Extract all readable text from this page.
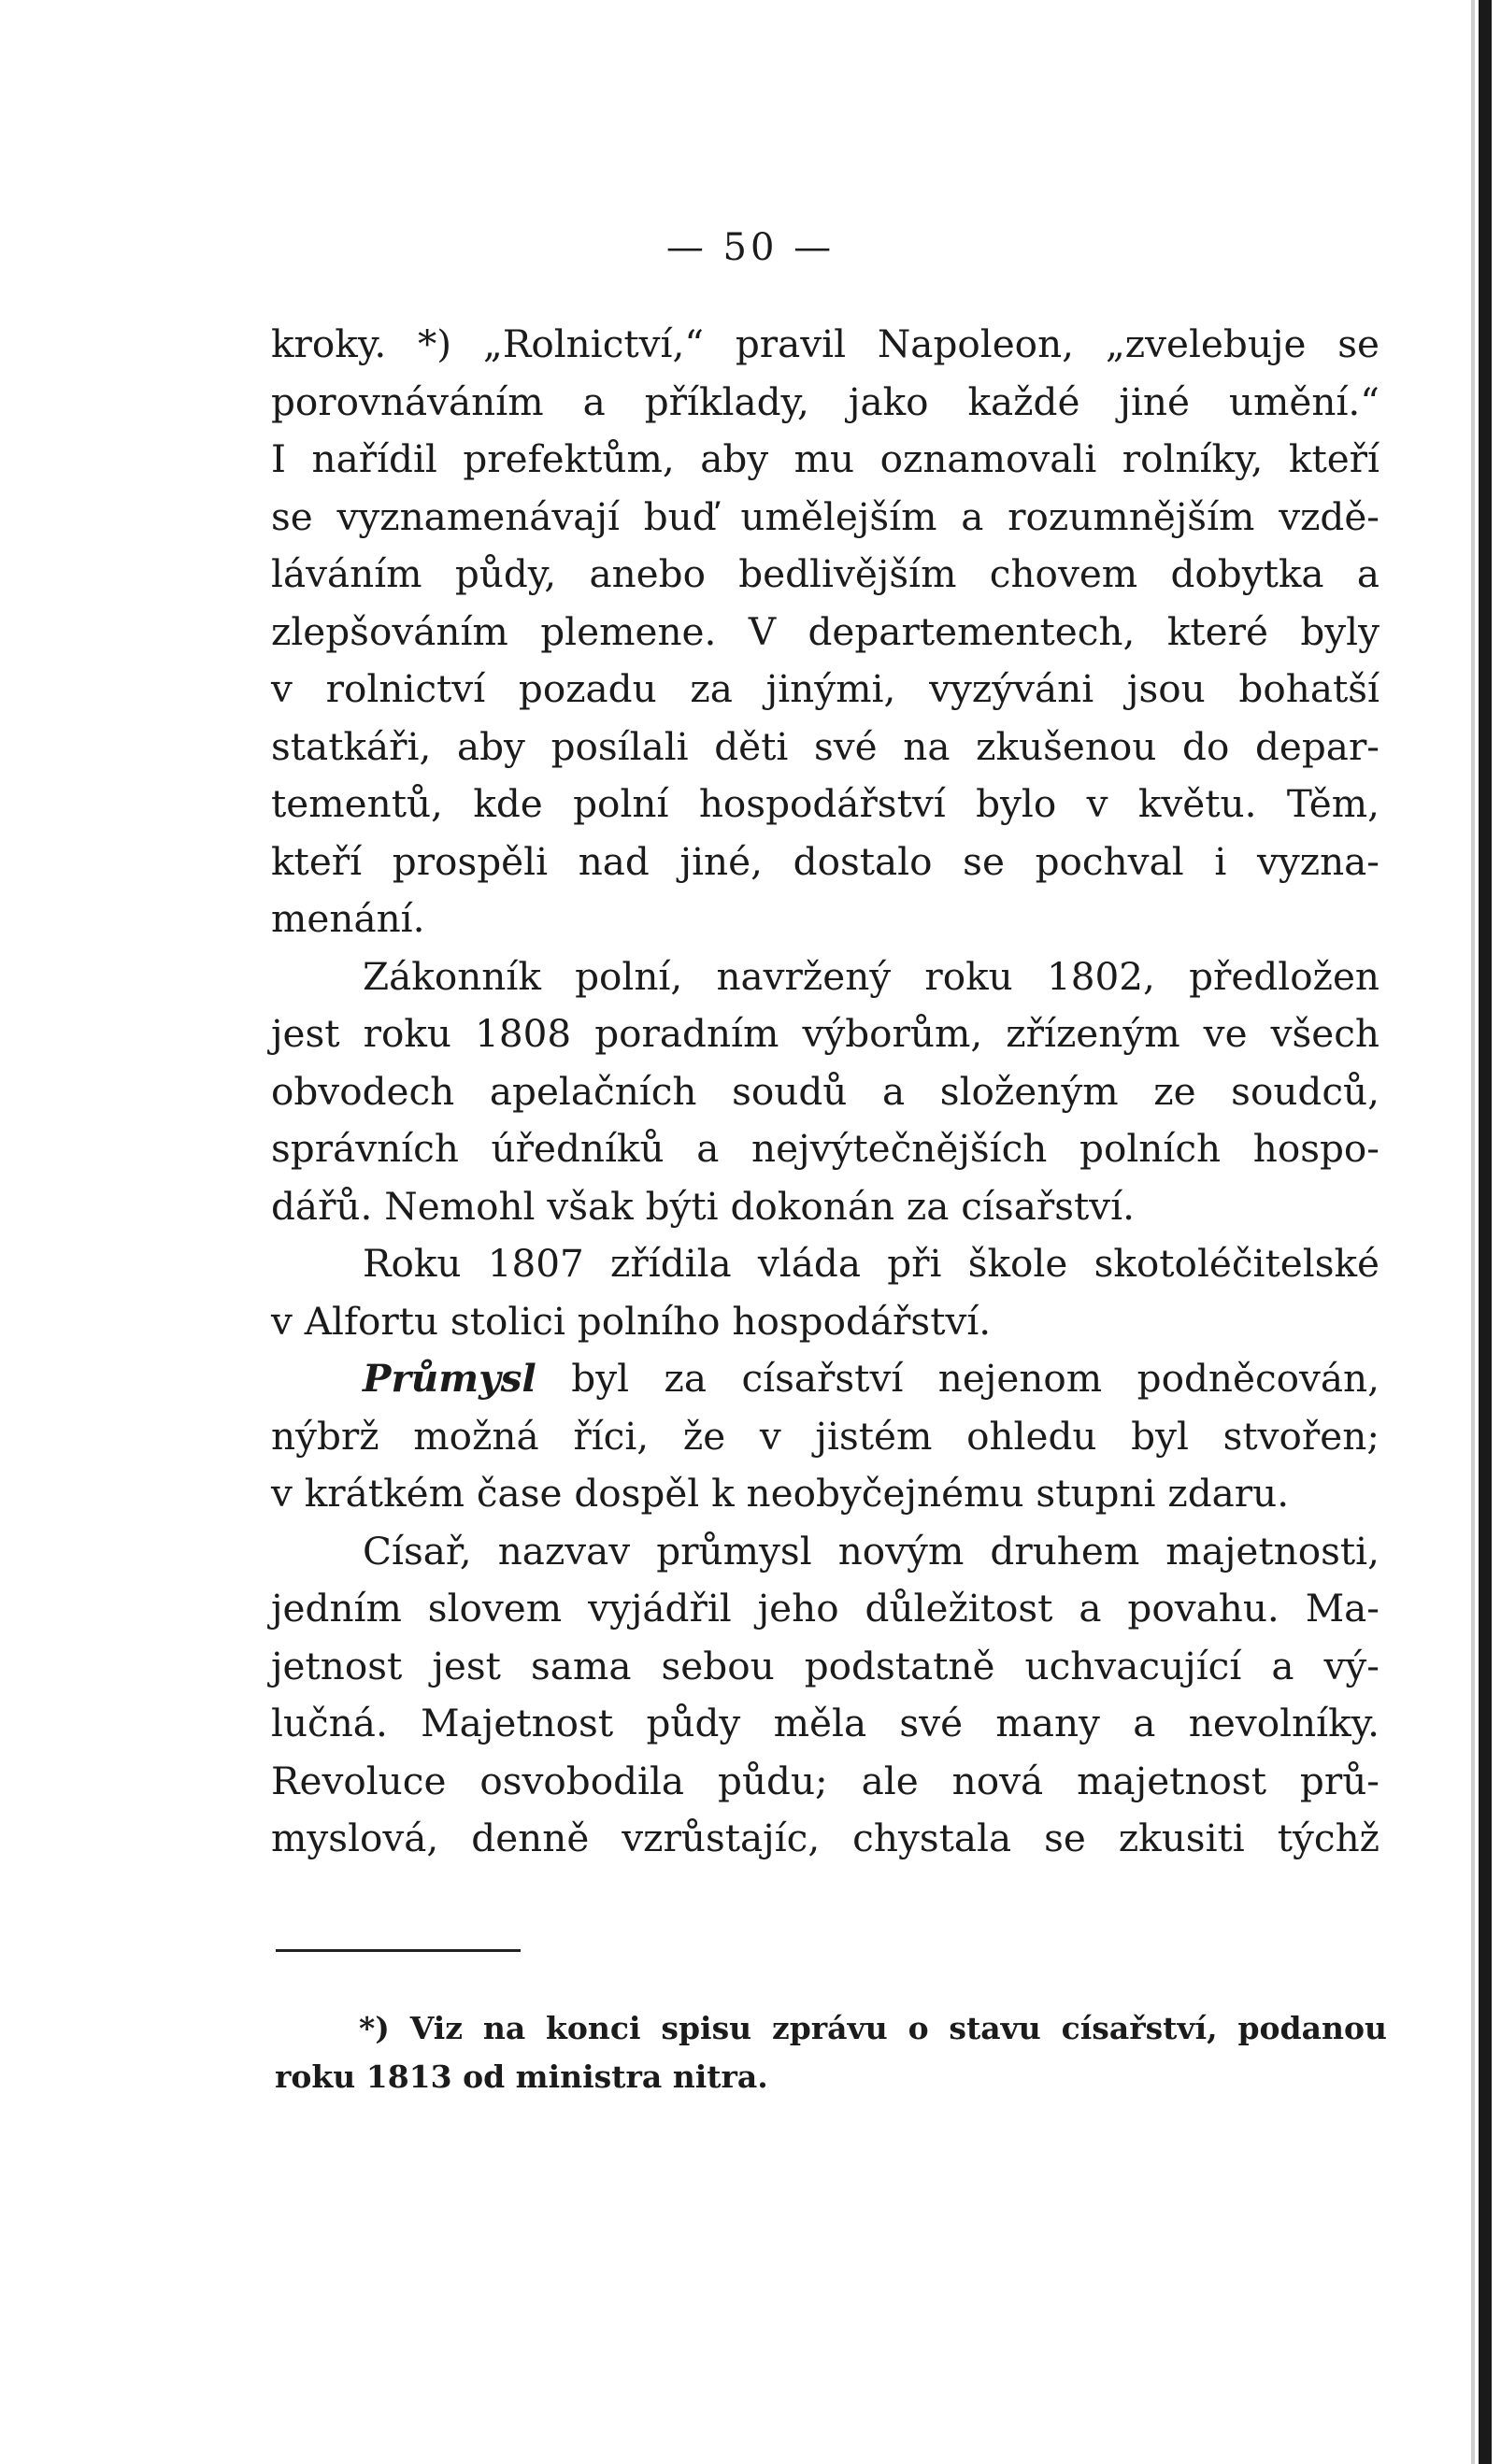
— 50 —
kroky. *) „Rolnictví,“ pravil Napoleon, „zvelebuje se
porovnáváním a příklady, jako každé jiné umění.“
I nařídil prefektům, aby mu oznamovali rolníky, kteří
se vyznamenávají buď umělejším a rozumnějším vzdě-
láváním půdy, anebo bedlivějším chovem dobytka a
zlepšováním plemene. V departementech, které byly
v rolnictví pozadu za jinými, vyzýváni jsou bohatší
statkáři, aby posílali děti své na zkušenou do depar-
tementů, kde polní hospodářství bylo v květu. Těm,
kteří prospěli nad jiné, dostalo se pochval i vyzna-
menání.
Zákonník polní, navržený roku 1802, předložen
jest roku 1808 poradním výborům, zřízeným ve všech
obvodech apelačních soudů a složeným ze soudců,
správních úředníků a nejvýtečnějších polních hospo-
dářů. Nemohl však býti dokonán za císařství.
Roku 1807 zřídila vláda při škole skotoléčitelské
v Alfortu stolici polního hospodářství.
Průmysl byl za císařství nejenom podněcován,
nýbrž možná říci, že v jistém ohledu byl stvořen;
v krátkém čase dospěl k neobyčejnému stupni zdaru.
Císař, nazvav průmysl novým druhem majetnosti,
jedním slovem vyjádřil jeho důležitost a povahu. Ma-
jetnost jest sama sebou podstatně uchvacující a vý-
lučná. Majetnost půdy měla své many a nevolníky.
Revoluce osvobodila půdu; ale nová majetnost prů-
myslová, denně vzrůstajíc, chystala se zkusiti týchž
*) Viz na konci spisu zprávu o stavu císařství, podanou
roku 1813 od ministra nitra.
